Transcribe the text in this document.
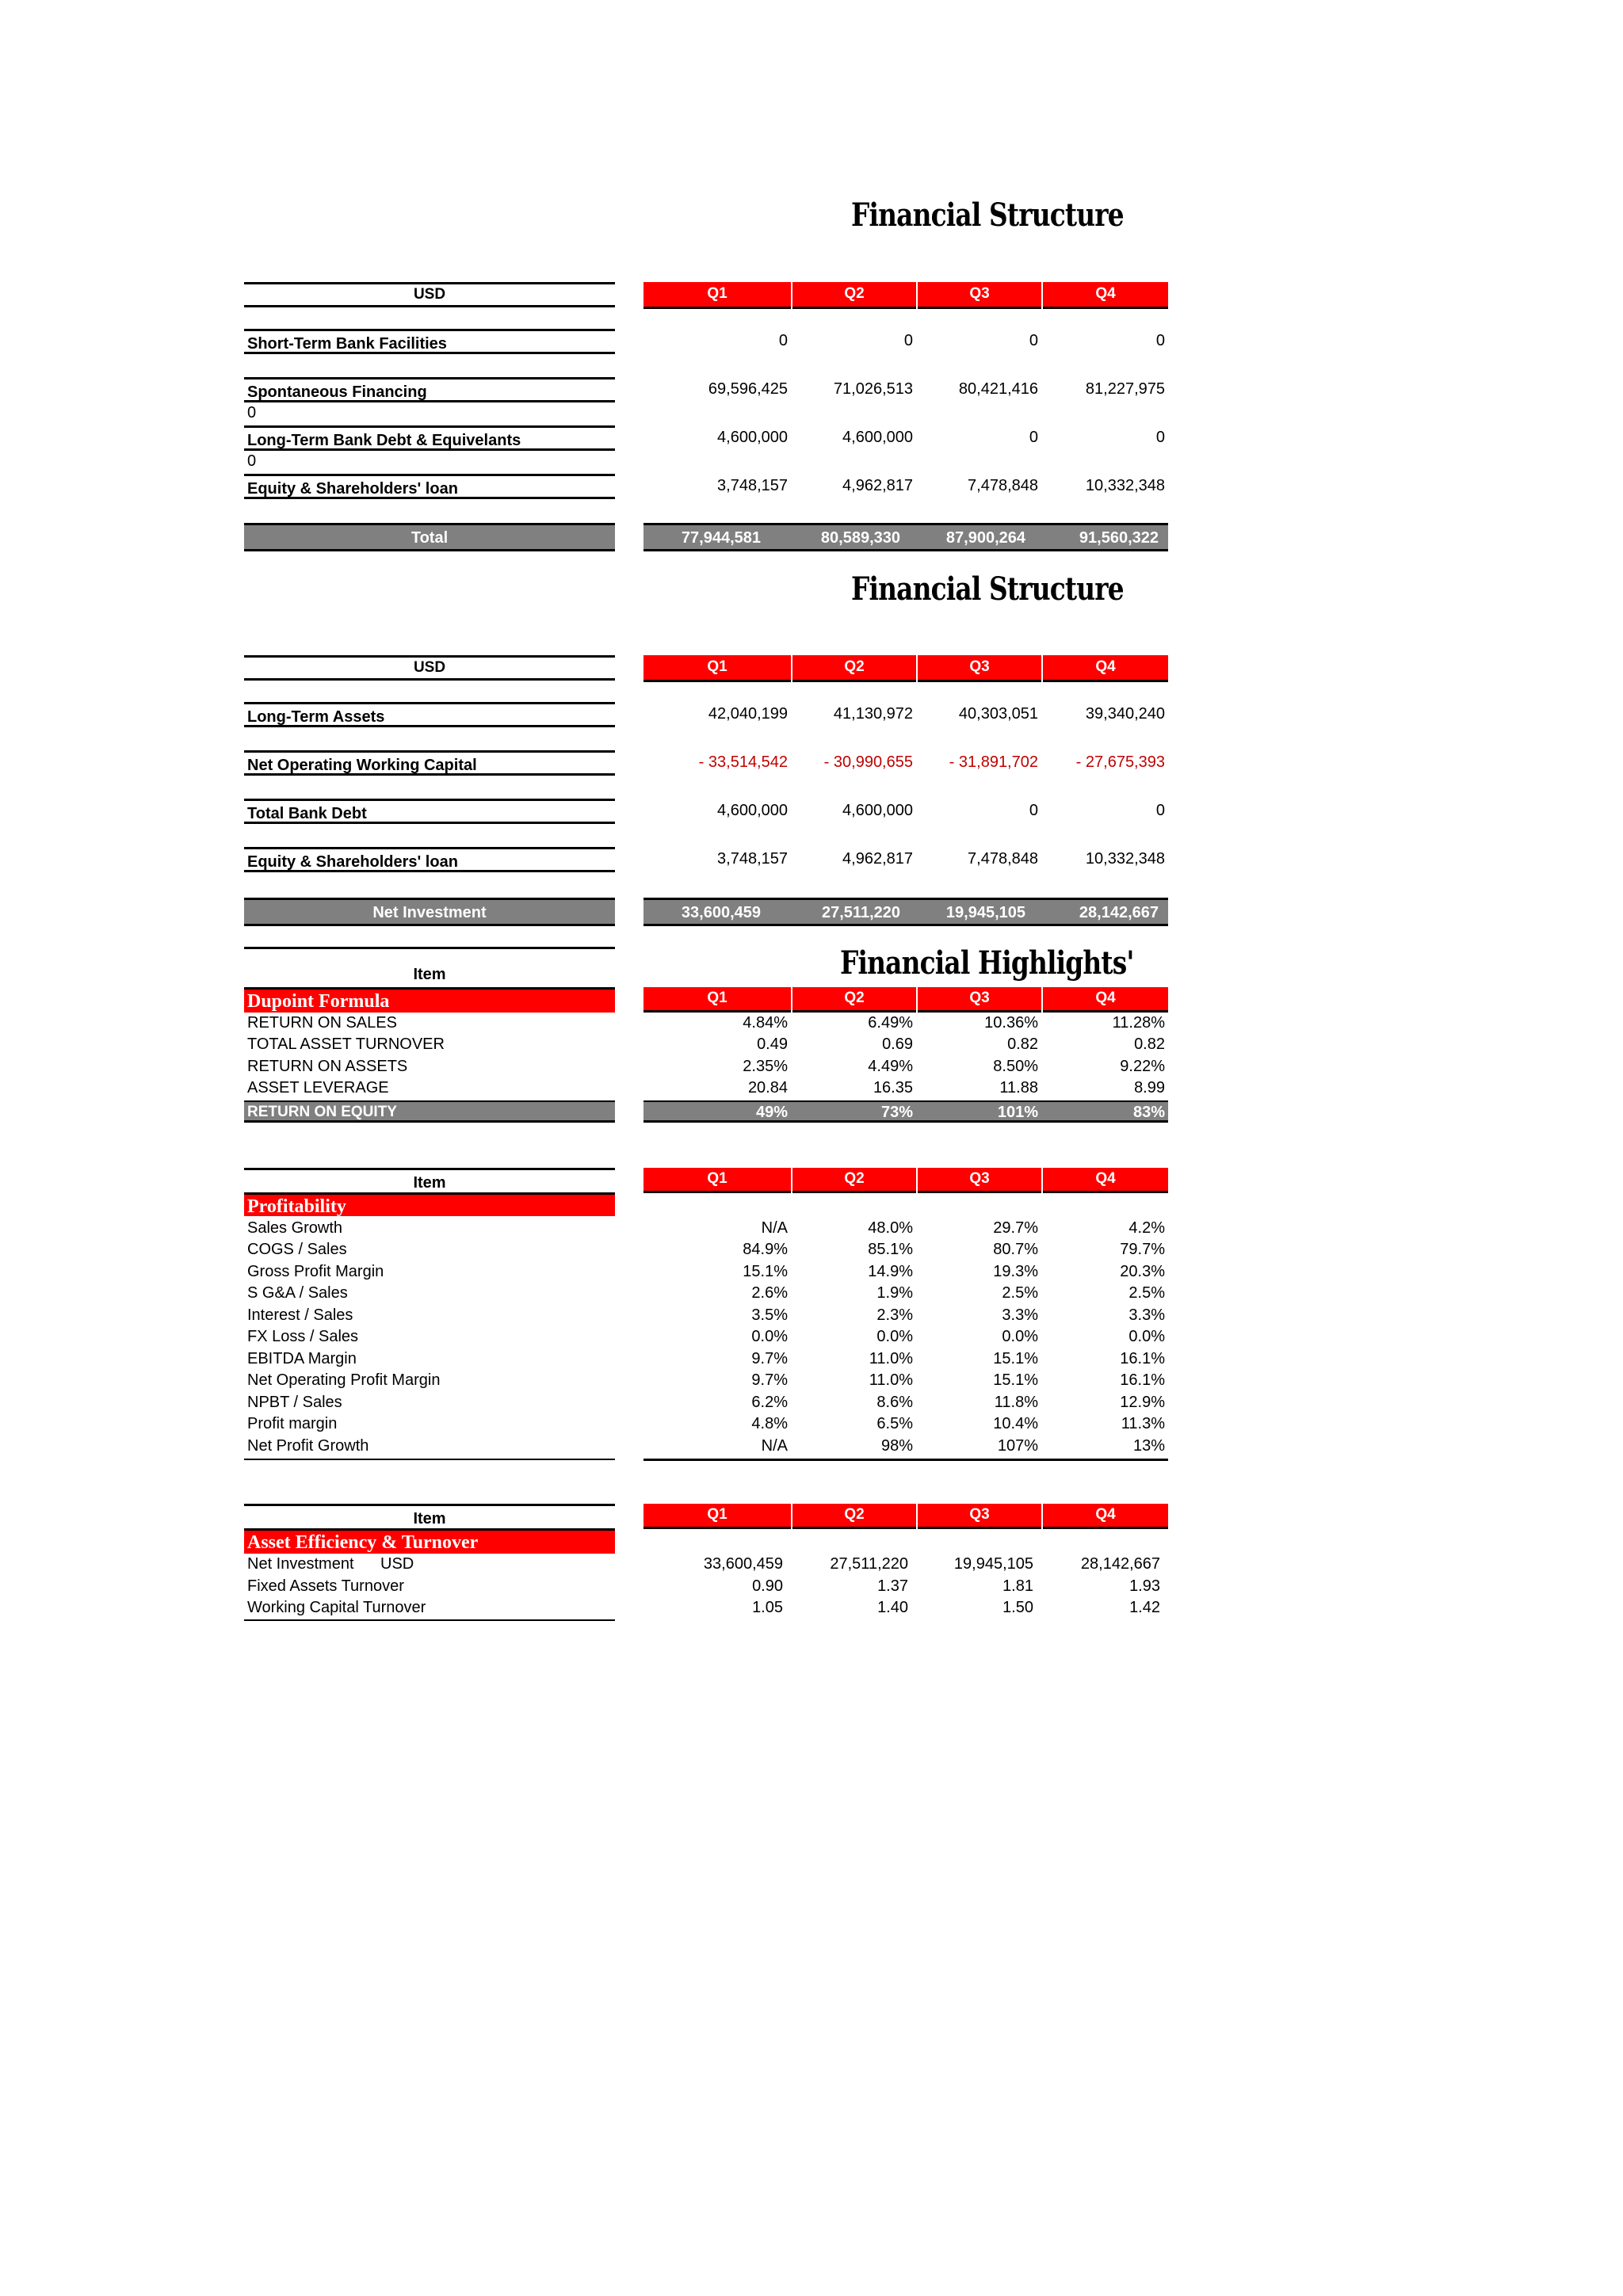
Financial Structure
USD	Q1	Q2	Q3	Q4
Short-Term Bank Facilities	0	0	0	0
Spontaneous Financing	69,596,425	71,026,513	80,421,416	81,227,975
0
Long-Term Bank Debt & Equivelants	4,600,000	4,600,000	0	0
0
Equity & Shareholders' loan	3,748,157	4,962,817	7,478,848	10,332,348
Total	77,944,581	80,589,330	87,900,264	91,560,322
Financial Structure
USD	Q1	Q2	Q3	Q4
Long-Term Assets	42,040,199	41,130,972	40,303,051	39,340,240
Net Operating Working Capital	- 33,514,542	- 30,990,655	- 31,891,702	- 27,675,393
Total Bank Debt	4,600,000	4,600,000	0	0
Equity & Shareholders' loan	3,748,157	4,962,817	7,478,848	10,332,348
Net Investment	33,600,459	27,511,220	19,945,105	28,142,667
Item	Financial Highlights'
Q1	Q2	Q3	Q4
Dupoint Formula
RETURN ON SALES	4.84%	6.49%	10.36%	11.28%
TOTAL ASSET TURNOVER	0.49	0.69	0.82	0.82
RETURN ON ASSETS	2.35%	4.49%	8.50%	9.22%
ASSET LEVERAGE	20.84	16.35	11.88	8.99
RETURN ON EQUITY	49%	73%	101%	83%
Item	Q1	Q2	Q3	Q4
Profitability
Sales Growth	N/A	48.0%	29.7%	4.2%
COGS / Sales	84.9%	85.1%	80.7%	79.7%
Gross Profit Margin	15.1%	14.9%	19.3%	20.3%
S G&A / Sales	2.6%	1.9%	2.5%	2.5%
Interest / Sales	3.5%	2.3%	3.3%	3.3%
FX Loss / Sales	0.0%	0.0%	0.0%	0.0%
EBITDA Margin	9.7%	11.0%	15.1%	16.1%
Net Operating Profit Margin	9.7%	11.0%	15.1%	16.1%
NPBT / Sales	6.2%	8.6%	11.8%	12.9%
Profit margin	4.8%	6.5%	10.4%	11.3%
Net Profit Growth	N/A	98%	107%	13%
Item	Q1	Q2	Q3	Q4
Asset Efficiency & Turnover
Net Investment USD	33,600,459	27,511,220	19,945,105	28,142,667
Fixed Assets Turnover	0.90	1.37	1.81	1.93
Working Capital Turnover	1.05	1.40	1.50	1.42
